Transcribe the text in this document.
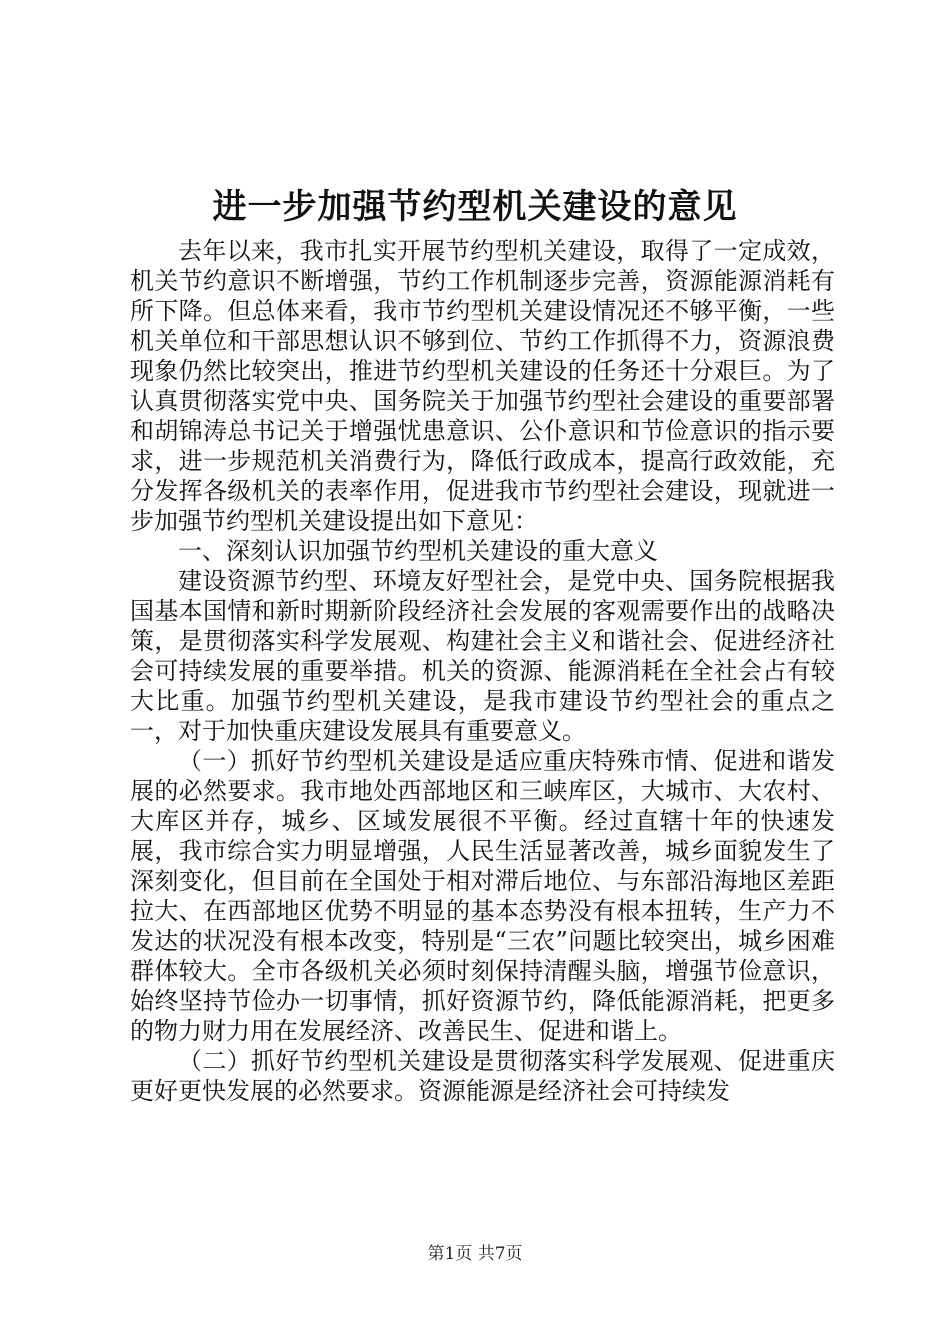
进一步加强节约型机关建设的意见

去年以来，我市扎实开展节约型机关建设，取得了一定成效，机关节约意识不断增强，节约工作机制逐步完善，资源能源消耗有所下降。但总体来看，我市节约型机关建设情况还不够平衡，一些机关单位和干部思想认识不够到位、节约工作抓得不力，资源浪费现象仍然比较突出，推进节约型机关建设的任务还十分艰巨。为了认真贯彻落实党中央、国务院关于加强节约型社会建设的重要部署和胡锦涛总书记关于增强忧患意识、公仆意识和节俭意识的指示要求，进一步规范机关消费行为，降低行政成本，提高行政效能，充分发挥各级机关的表率作用，促进我市节约型社会建设，现就进一步加强节约型机关建设提出如下意见：

一、深刻认识加强节约型机关建设的重大意义

建设资源节约型、环境友好型社会，是党中央、国务院根据我国基本国情和新时期新阶段经济社会发展的客观需要作出的战略决策，是贯彻落实科学发展观、构建社会主义和谐社会、促进经济社会可持续发展的重要举措。机关的资源、能源消耗在全社会占有较大比重。加强节约型机关建设，是我市建设节约型社会的重点之一，对于加快重庆建设发展具有重要意义。

（一）抓好节约型机关建设是适应重庆特殊市情、促进和谐发展的必然要求。我市地处西部地区和三峡库区，大城市、大农村、大库区并存，城乡、区域发展很不平衡。经过直辖十年的快速发展，我市综合实力明显增强，人民生活显著改善，城乡面貌发生了深刻变化，但目前在全国处于相对滞后地位、与东部沿海地区差距拉大、在西部地区优势不明显的基本态势没有根本扭转，生产力不发达的状况没有根本改变，特别是“三农”问题比较突出，城乡困难群体较大。全市各级机关必须时刻保持清醒头脑，增强节俭意识，始终坚持节俭办一切事情，抓好资源节约，降低能源消耗，把更多的物力财力用在发展经济、改善民生、促进和谐上。

（二）抓好节约型机关建设是贯彻落实科学发展观、促进重庆更好更快发展的必然要求。资源能源是经济社会可持续发

第1页 共7页
